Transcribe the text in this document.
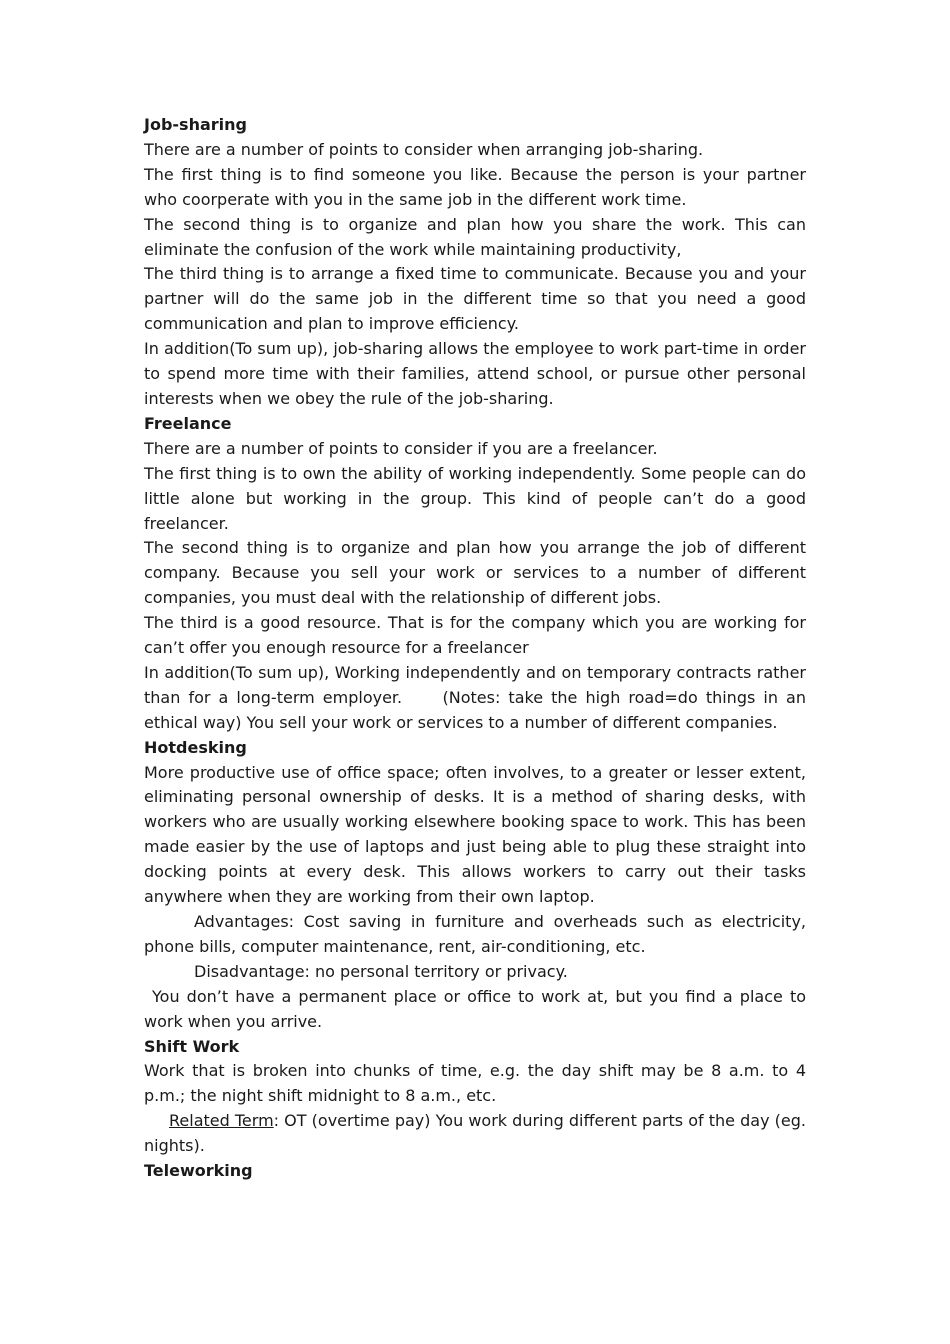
Job-sharing

There are a number of points to consider when arranging job-sharing.

The first thing is to find someone you like. Because the person is your partner who coorperate with you in the same job in the different work time.

The second thing is to organize and plan how you share the work. This can eliminate the confusion of the work while maintaining productivity,

The third thing is to arrange a fixed time to communicate. Because you and your partner will do the same job in the different time so that you need a good communication and plan to improve efficiency.

In addition(To sum up), job-sharing allows the employee to work part-time in order to spend more time with their families, attend school, or pursue other personal interests when we obey the rule of the job-sharing.

Freelance

There are a number of points to consider if you are a freelancer.

The first thing is to own the ability of working independently. Some people can do little alone but working in the group. This kind of people can’t do a good freelancer.

The second thing is to organize and plan how you arrange the job of different company. Because you sell your work or services to a number of different companies, you must deal with the relationship of different jobs.

The third is a good resource. That is for the company which you are working for can’t offer you enough resource for a freelancer

In addition(To sum up), Working independently and on temporary contracts rather than for a long-term employer.     (Notes: take the high road=do things in an ethical way) You sell your work or services to a number of different companies.

Hotdesking

More productive use of office space; often involves, to a greater or lesser extent, eliminating personal ownership of desks. It is a method of sharing desks, with workers who are usually working elsewhere booking space to work. This has been made easier by the use of laptops and just being able to plug these straight into docking points at every desk. This allows workers to carry out their tasks anywhere when they are working from their own laptop.

Advantages: Cost saving in furniture and overheads such as electricity, phone bills, computer maintenance, rent, air-conditioning, etc.

Disadvantage: no personal territory or privacy.

You don’t have a permanent place or office to work at, but you find a place to work when you arrive.

Shift Work

Work that is broken into chunks of time, e.g. the day shift may be 8 a.m. to 4 p.m.; the night shift midnight to 8 a.m., etc.

Related Term: OT (overtime pay) You work during different parts of the day (eg. nights).

Teleworking
